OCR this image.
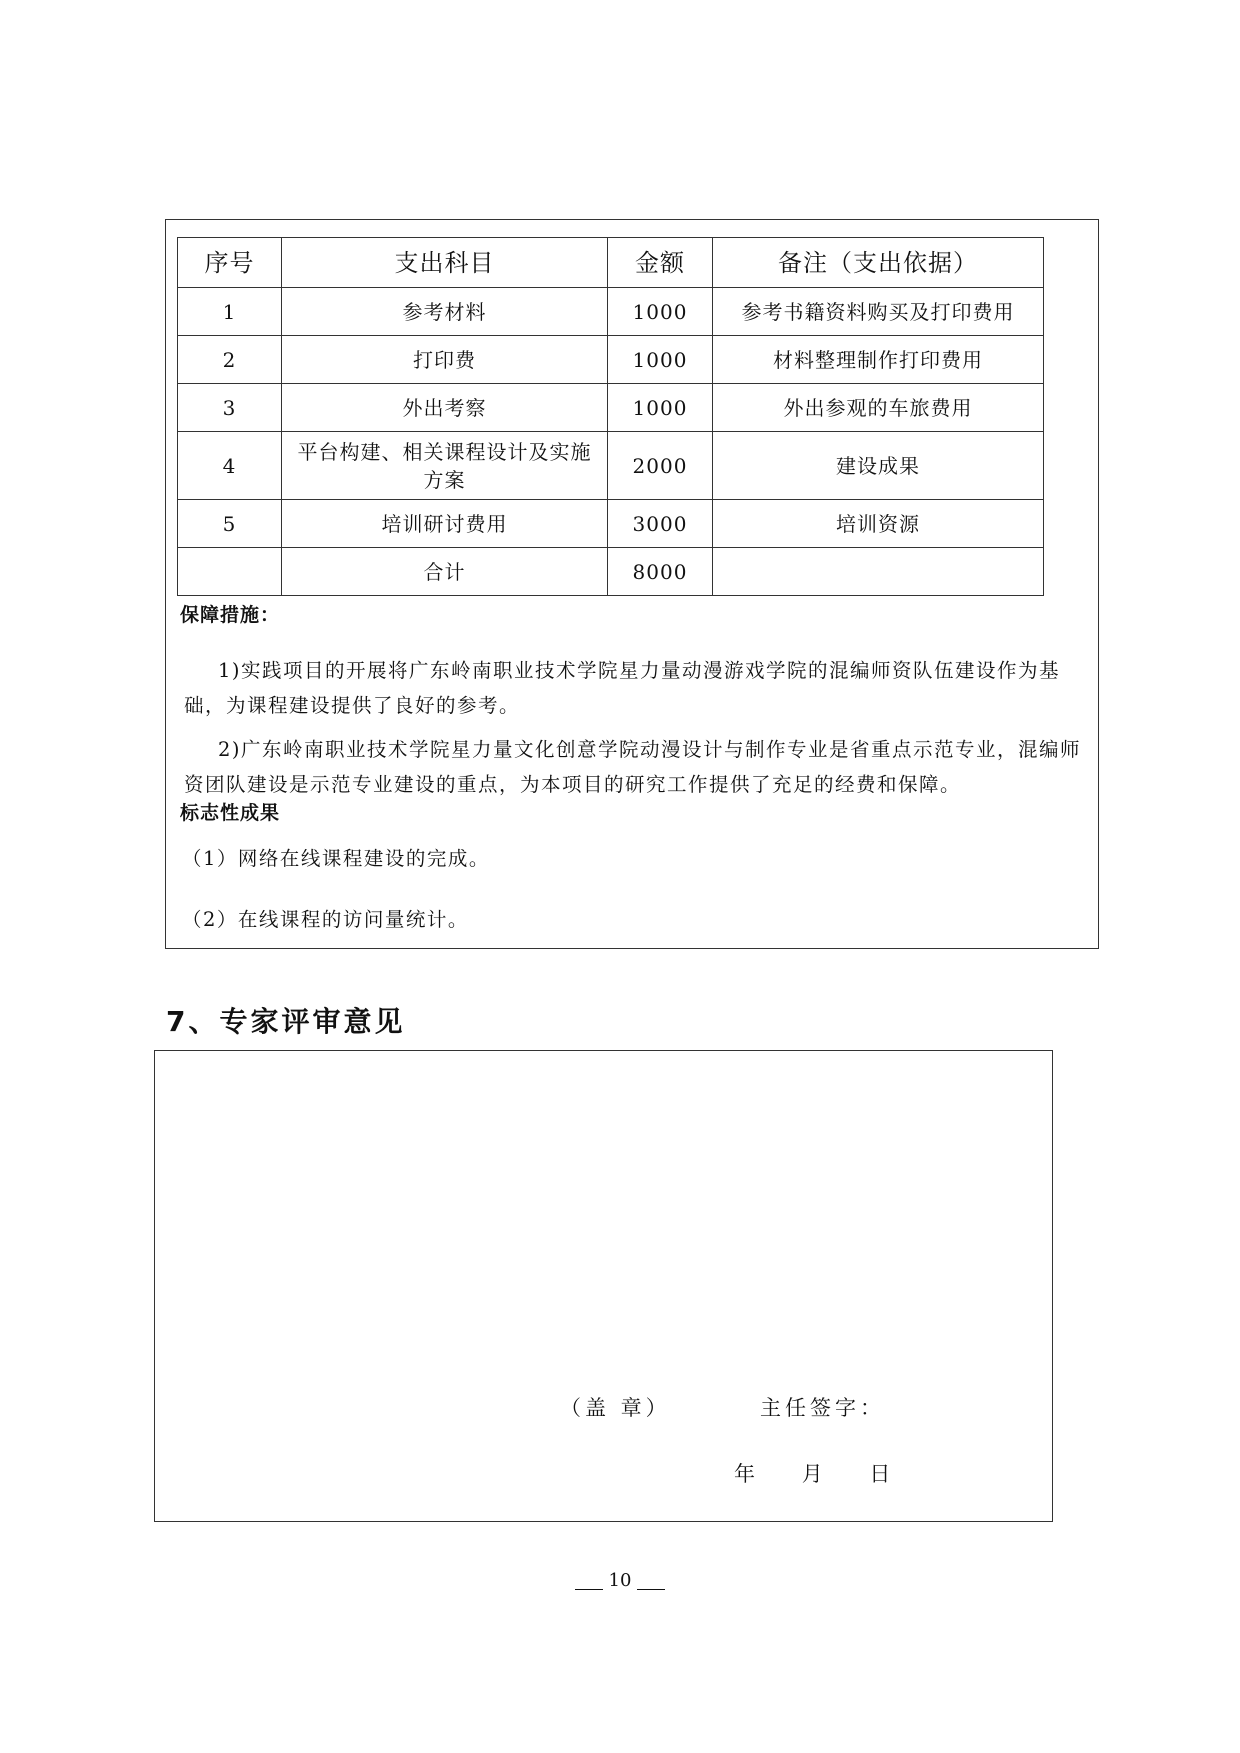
序号	支出科目	金额	备注（支出依据）
1	参考材料	1000	参考书籍资料购买及打印费用
2	打印费	1000	材料整理制作打印费用
3	外出考察	1000	外出参观的车旅费用
4	平台构建、相关课程设计及实施方案	2000	建设成果
5	培训研讨费用	3000	培训资源
	合计	8000	
保障措施：

1)实践项目的开展将广东岭南职业技术学院星力量动漫游戏学院的混编师资队伍建设作为基础，为课程建设提供了良好的参考。

2)广东岭南职业技术学院星力量文化创意学院动漫设计与制作专业是省重点示范专业，混编师资团队建设是示范专业建设的重点，为本项目的研究工作提供了充足的经费和保障。

标志性成果
（1）网络在线课程建设的完成。
（2）在线课程的访问量统计。
7、专家评审意见
（盖 章）	主任签字：
年 月 日
10
